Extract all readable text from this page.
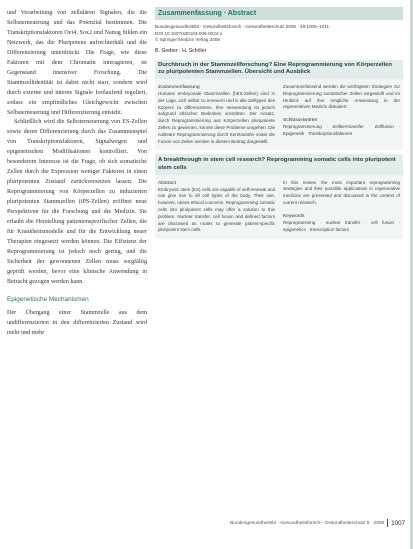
und Verarbeitung von zellulären Signalen, die die Selbsterneuerung und das Potenzial bestimmen. Die Transkriptionsfaktoren Oct4, Sox2 und Nanog bilden ein Netzwerk, das die Pluripotenz aufrechterhält und die Differenzierung unterdrückt. Die Frage, wie diese Faktoren mit dem Chromatin interagieren, ist Gegenstand intensiver Forschung. Die Stammzellidentität ist dabei nicht starr, sondern wird durch externe und interne Signale fortlaufend reguliert, sodass ein empfindliches Gleichgewicht zwischen Selbsterneuerung und Differenzierung entsteht.

Schließlich wird die Selbsterneuerung von ES-Zellen sowie deren Differenzierung durch das Zusammenspiel von Transkriptionsfaktoren, Signalwegen und epigenetischen Modifikationen kontrolliert. Von besonderem Interesse ist die Frage, ob sich somatische Zellen durch die Expression weniger Faktoren in einen pluripotenten Zustand zurückversetzen lassen. Die Reprogrammierung von Körperzellen zu induzierten pluripotenten Stammzellen (iPS-Zellen) eröffnet neue Perspektiven für die Forschung und die Medizin. Sie erlaubt die Herstellung patientenspezifischer Zellen, die für Krankheitsmodelle und für die Entwicklung neuer Therapien eingesetzt werden können. Die Effizienz der Reprogrammierung ist jedoch noch gering, und die Sicherheit der gewonnenen Zellen muss sorgfältig geprüft werden, bevor eine klinische Anwendung in Betracht gezogen werden kann.

Epigenetische Mechanismen

Der Übergang einer Stammzelle aus dem undifferenzierten in den differenzierten Zustand wird mehr und mehr

Zusammenfassung · Abstract
Bundesgesundheitsbl - Gesundheitsforsch - Gesundheitsschutz 2006 · 49:1005–1011
DOI 10.1007/s00103-006-0024-x
© Springer Medizin Verlag 2006
B. Greber · H. Schöler
Durchbruch in der Stammzellforschung? Eine Reprogrammierung von Körperzellen zu pluripotenten Stammzellen. Übersicht und Ausblick
Zusammenfassung
Humane embryonale Stammzellen (hES-Zellen) sind in der Lage, sich selbst zu erneuern und in alle Zelltypen des Körpers zu differenzieren. Ihre Verwendung ist jedoch aufgrund ethischer Bedenken umstritten. Der Ansatz, durch Reprogrammierung aus Körperzellen pluripotente Zellen zu gewinnen, könnte diese Probleme umgehen. Die nukleäre Reprogrammierung durch Kerntransfer sowie die Fusion von Zellen werden in diesem Beitrag dargestellt.
Zusammenfassend werden die wichtigsten Strategien zur Reprogrammierung somatischer Zellen vorgestellt und im Hinblick auf ihre mögliche Anwendung in der regenerativen Medizin diskutiert.
Schlüsselwörter
Reprogrammierung · Zellkerntransfer · Zellfusion · Epigenetik · Transkriptionsfaktoren
A breakthrough in stem cell research? Reprogramming somatic cells into pluripotent stem cells
Abstract
Embryonic stem (ES) cells are capable of self-renewal and can give rise to all cell types of the body. Their use, however, raises ethical concerns. Reprogramming somatic cells into pluripotent cells may offer a solution to this problem. Nuclear transfer, cell fusion and defined factors are discussed as routes to generate patient-specific pluripotent stem cells.
In this review, the most important reprogramming strategies and their possible applications in regenerative medicine are presented and discussed in the context of current research.
Keywords
Reprogramming · nuclear transfer · cell fusion · epigenetics · transcription factors
Bundesgesundheitsbl - Gesundheitsforsch - Gesundheitsschutz 9 · 2006 1007
